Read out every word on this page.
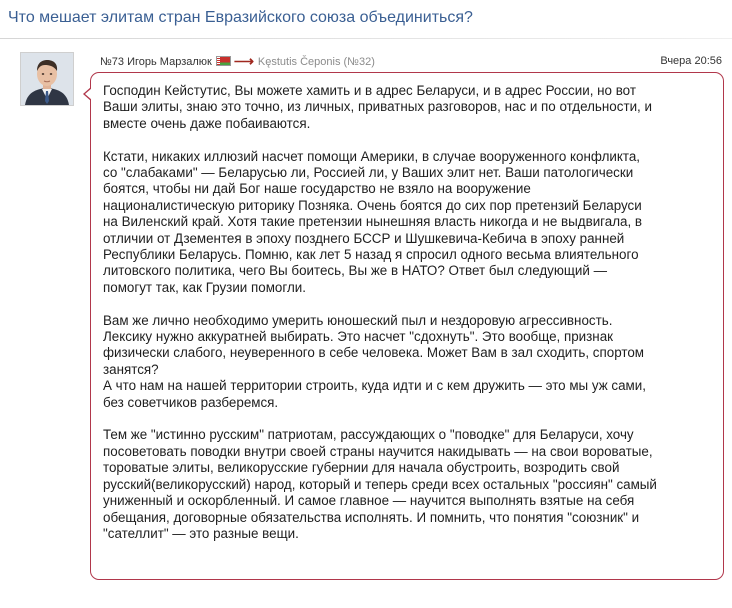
Что мешает элитам стран Евразийского союза объединиться?
№73 Игорь Марзалюк ⟶ Kęstutis Čeponis (№32)	Вчера 20:56

Господин Кейстутис, Вы можете хамить и в адрес Беларуси, и в адрес России, но вот
Ваши элиты, знаю это точно, из личных, приватных разговоров, нас и по отдельности, и
вместе очень даже побаиваются.

Кстати, никаких иллюзий насчет помощи Америки, в случае вооруженного конфликта,
со "слабаками" — Беларусью ли, Россией ли, у Ваших элит нет. Ваши патологически
боятся, чтобы ни дай Бог наше государство не взяло на вооружение
националистическую риторику Позняка. Очень боятся до сих пор претензий Беларуси
на Виленский край. Хотя такие претензии нынешняя власть никогда и не выдвигала, в
отличии от Дзементея в эпоху позднего БССР и Шушкевича-Кебича в эпоху ранней
Республики Беларусь. Помню, как лет 5 назад я спросил одного весьма влиятельного
литовского политика, чего Вы боитесь, Вы же в НАТО? Ответ был следующий —
помогут так, как Грузии помогли.

Вам же лично необходимо умерить юношеский пыл и нездоровую агрессивность.
Лексику нужно аккуратней выбирать. Это насчет "сдохнуть". Это вообще, признак
физически слабого, неуверенного в себе человека. Может Вам в зал сходить, спортом
занятся?
А что нам на нашей территории строить, куда идти и с кем дружить — это мы уж сами,
без советчиков разберемся.

Тем же "истинно русским" патриотам, рассуждающих о "поводке" для Беларуси, хочу
посоветовать поводки внутри своей страны научится накидывать — на свои вороватые,
тороватые элиты, великорусские губернии для начала обустроить, возродить свой
русский(великорусский) народ, который и теперь среди всех остальных "россиян" самый
униженный и оскорбленный. И самое главное — научится выполнять взятые на себя
обещания, договорные обязательства исполнять. И помнить, что понятия "союзник" и
"сателлит" — это разные вещи.
